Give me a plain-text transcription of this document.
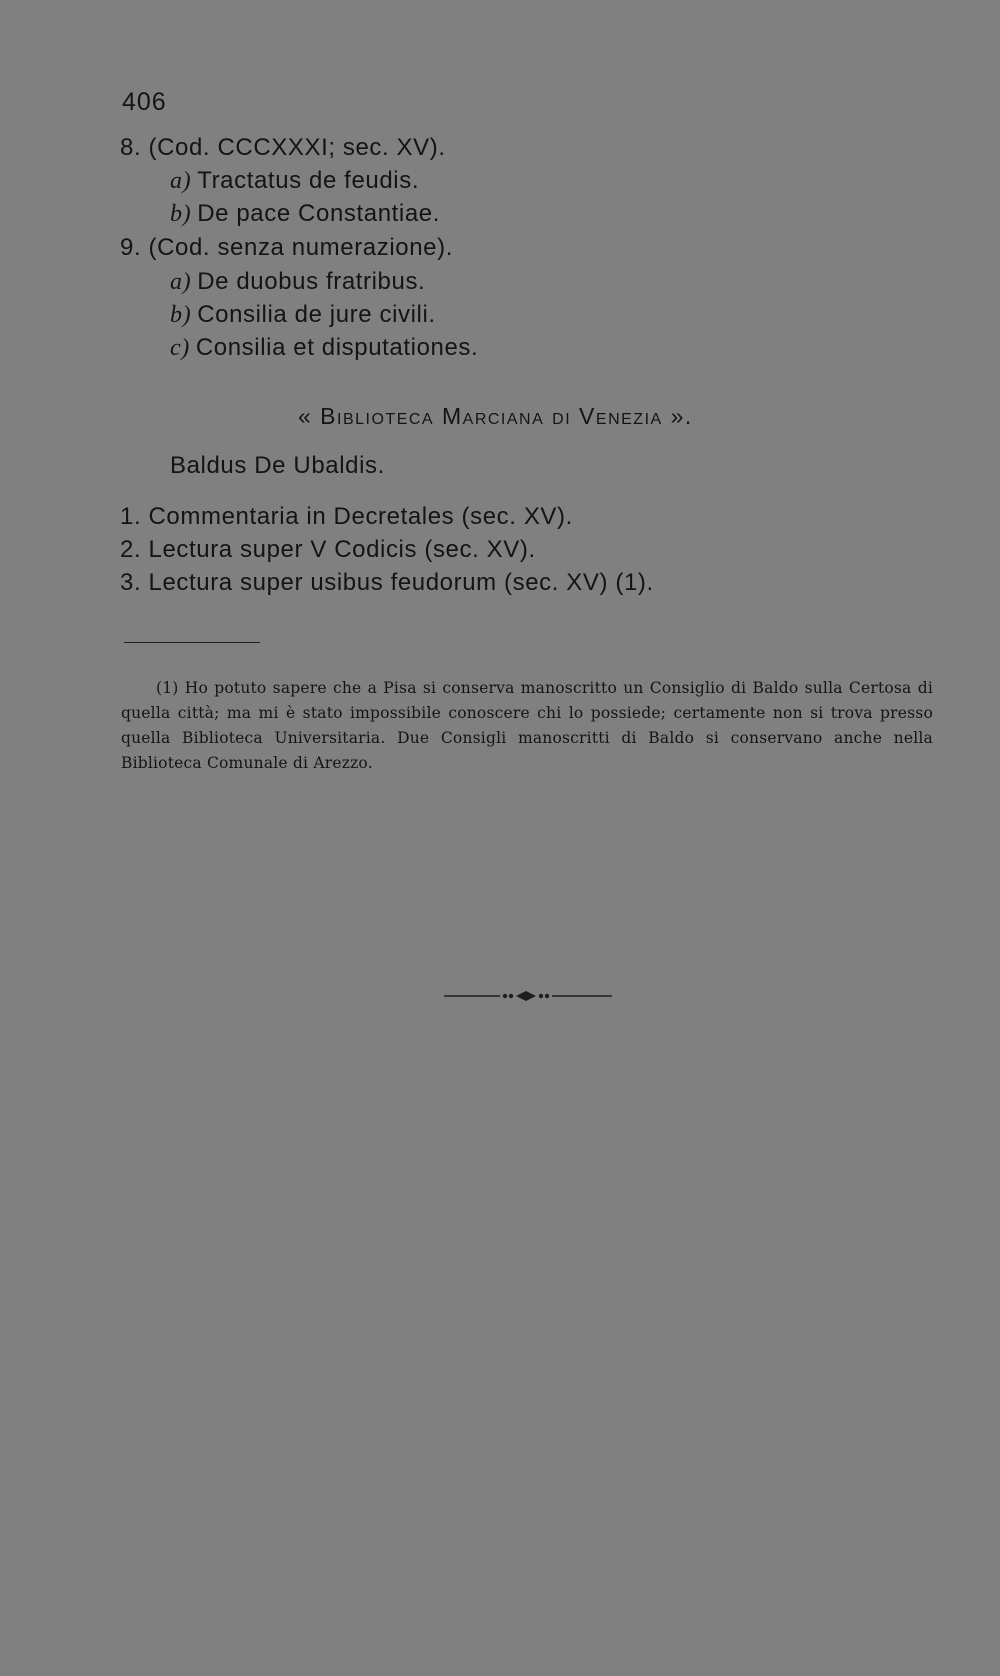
406
8. (Cod. CCCXXXI; sec. XV).
a) Tractatus de feudis.
b) De pace Constantiae.
9. (Cod. senza numerazione).
a) De duobus fratribus.
b) Consilia de jure civili.
c) Consilia et disputationes.
« Biblioteca Marciana di Venezia ».
Baldus De Ubaldis.
1. Commentaria in Decretales (sec. XV).
2. Lectura super V Codicis (sec. XV).
3. Lectura super usibus feudorum (sec. XV) (1).
(1) Ho potuto sapere che a Pisa si conserva manoscritto un Consiglio di Baldo sulla Certosa di quella città; ma mi è stato impossibile conoscere chi lo possiede; certamente non si trova presso quella Biblioteca Universitaria. Due Consigli manoscritti di Baldo si conservano anche nella Biblioteca Comunale di Arezzo.
